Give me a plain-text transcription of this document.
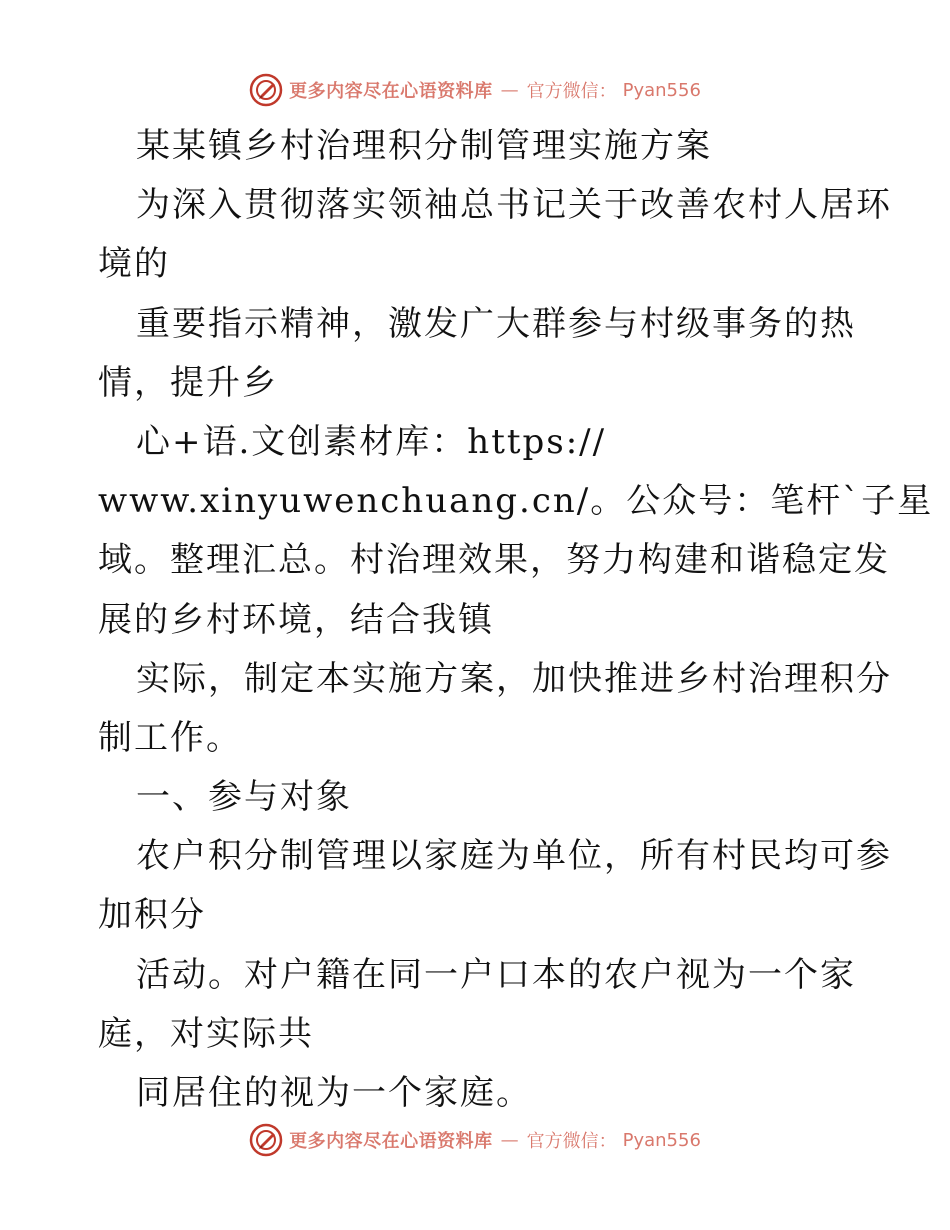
更多内容尽在心语资料库 — 官方微信： Pyan556
某某镇乡村治理积分制管理实施方案
为深入贯彻落实领袖总书记关于改善农村人居环
境的
重要指示精神，激发广大群参与村级事务的热
情，提升乡
心+语.文创素材库：https://
www.xinyuwenchuang.cn/。公众号：笔杆`子星
域。整理汇总。村治理效果，努力构建和谐稳定发
展的乡村环境，结合我镇
实际，制定本实施方案，加快推进乡村治理积分
制工作。
一、参与对象
农户积分制管理以家庭为单位，所有村民均可参
加积分
活动。对户籍在同一户口本的农户视为一个家
庭，对实际共
同居住的视为一个家庭。
更多内容尽在心语资料库 — 官方微信： Pyan556
